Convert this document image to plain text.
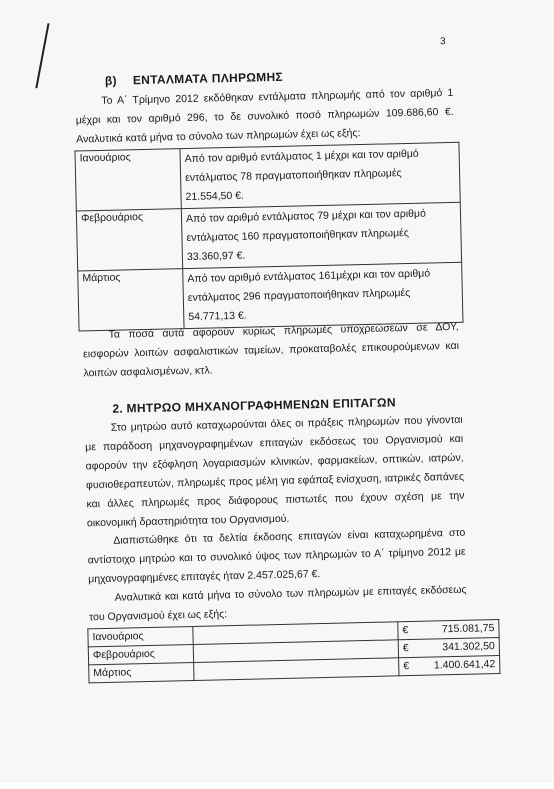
3
β) ΕΝΤΑΛΜΑΤΑ ΠΛΗΡΩΜΗΣ
Το Α΄ Τρίμηνο 2012 εκδόθηκαν εντάλματα πληρωμής από τον αριθμό 1 μέχρι και τον αριθμό 296, το δε συνολικό ποσό πληρωμών 109.686,60 €. Αναλυτικά κατά μήνα το σύνολο των πληρωμών έχει ως εξής:
Ιανουάριος	Από τον αριθμό εντάλματος 1 μέχρι και τον αριθμό
εντάλματος 78 πραγματοποιήθηκαν πληρωμές
21.554,50 €.

Φεβρουάριος	Από τον αριθμό εντάλματος 79 μέχρι και τον αριθμό
εντάλματος 160 πραγματοποιήθηκαν πληρωμές
33.360,97 €.

Μάρτιος	Από τον αριθμό εντάλματος 161μέχρι και τον αριθμό
εντάλματος 296 πραγματοποιήθηκαν πληρωμές
54.771,13 €.
Τα ποσά αυτά αφορούν κυρίως πληρωμές υποχρεώσεων σε ΔΟΥ, εισφορών λοιπών ασφαλιστικών ταμείων, προκαταβολές επικουρούμενων και λοιπών ασφαλισμένων, κτλ.
2. ΜΗΤΡΩΟ ΜΗΧΑΝΟΓΡΑΦΗΜΕΝΩΝ ΕΠΙΤΑΓΩΝ
Στο μητρώο αυτό καταχωρούνται όλες οι πράξεις πληρωμών που γίνονται με παράδοση μηχανογραφημένων επιταγών εκδόσεως του Οργανισμού και αφορούν την εξόφληση λογαριασμών κλινικών, φαρμακείων, οπτικών, ιατρών, φυσιοθεραπευτών, πληρωμές προς μέλη για εφάπαξ ενίσχυση, ιατρικές δαπάνες και άλλες πληρωμές προς διάφορους πιστωτές που έχουν σχέση με την οικονομική δραστηριότητα του Οργανισμού.
Διαπιστώθηκε ότι τα δελτία έκδοσης επιταγών είναι καταχωρημένα στο αντίστοιχο μητρώο και το συνολικό ύψος των πληρωμών το Α΄ τρίμηνο 2012 με μηχανογραφημένες επιταγές ήταν 2.457.025,67 €.
Αναλυτικά και κατά μήνα το σύνολο των πληρωμών με επιταγές εκδόσεως του Οργανισμού έχει ως εξής:
Ιανουάριος		€ 715.081,75
Φεβρουάριος		€ 341.302,50
Μάρτιος		€ 1.400.641,42
